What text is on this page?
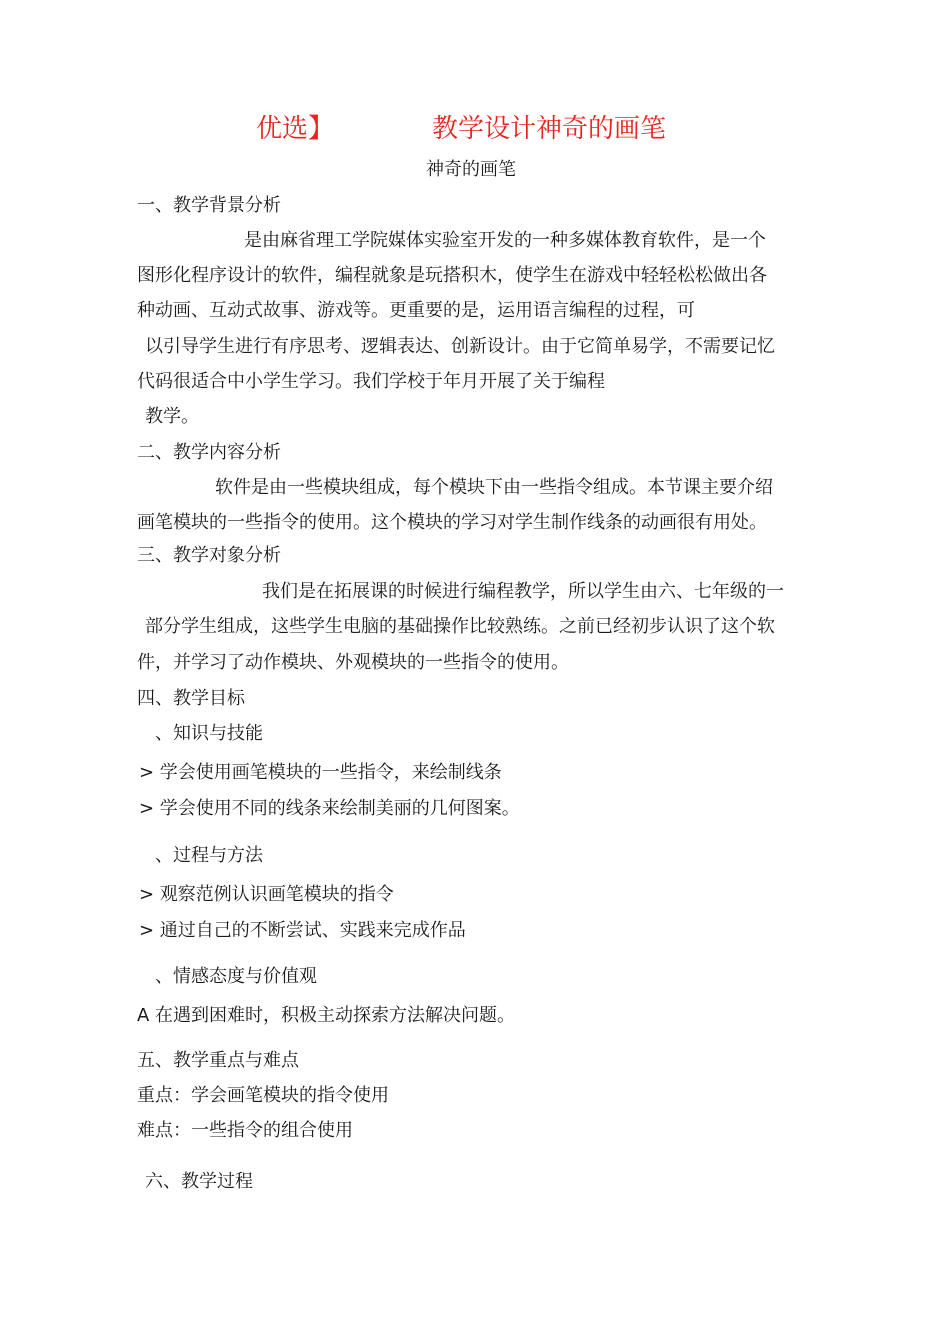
优选】	教学设计神奇的画笔
神奇的画笔
一、教学背景分析
是由麻省理工学院媒体实验室开发的一种多媒体教育软件，是一个
图形化程序设计的软件，编程就象是玩搭积木，使学生在游戏中轻轻松松做出各
种动画、互动式故事、游戏等。更重要的是，运用语言编程的过程，可
以引导学生进行有序思考、逻辑表达、创新设计。由于它简单易学，不需要记忆
代码很适合中小学生学习。我们学校于年月开展了关于编程
教学。
二、教学内容分析
软件是由一些模块组成，每个模块下由一些指令组成。本节课主要介绍
画笔模块的一些指令的使用。这个模块的学习对学生制作线条的动画很有用处。
三、教学对象分析
我们是在拓展课的时候进行编程教学，所以学生由六、七年级的一
部分学生组成，这些学生电脑的基础操作比较熟练。之前已经初步认识了这个软
件，并学习了动作模块、外观模块的一些指令的使用。
四、教学目标
、知识与技能
> 学会使用画笔模块的一些指令，来绘制线条
> 学会使用不同的线条来绘制美丽的几何图案。
、过程与方法
> 观察范例认识画笔模块的指令
> 通过自己的不断尝试、实践来完成作品
、情感态度与价值观
A 在遇到困难时，积极主动探索方法解决问题。
五、教学重点与难点
重点：学会画笔模块的指令使用
难点：一些指令的组合使用
六、教学过程
